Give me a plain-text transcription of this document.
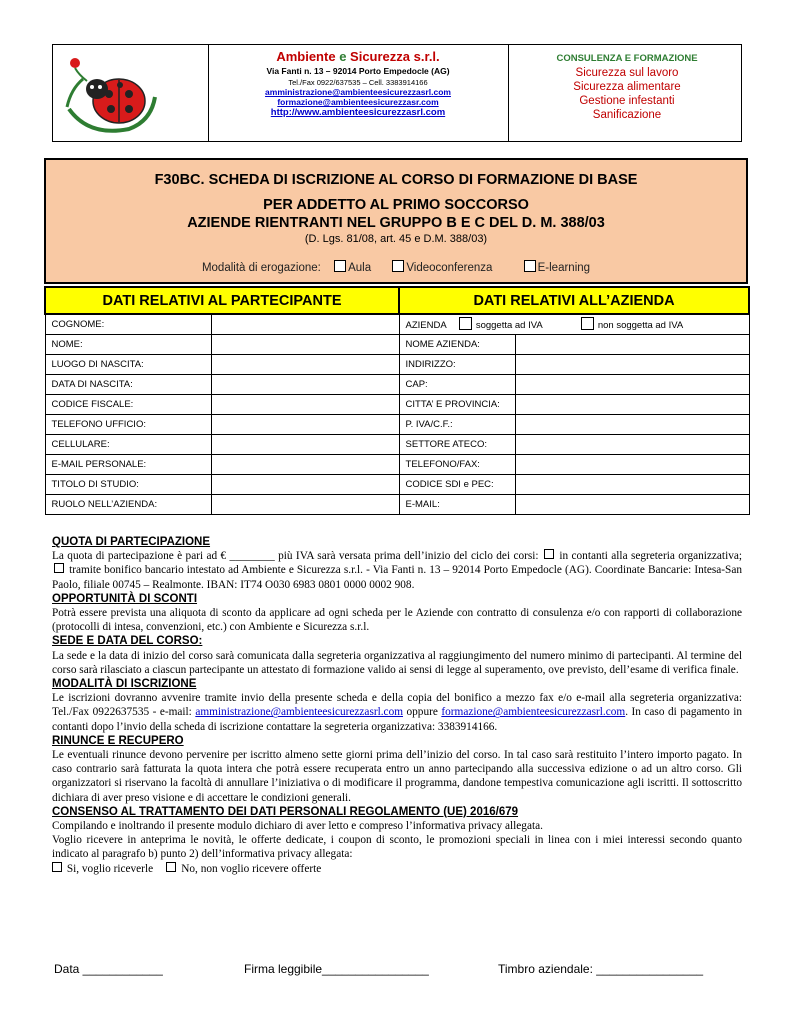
Ambiente e Sicurezza s.r.l.
Via Fanti n. 13 – 92014 Porto Empedocle (AG)
Tel./Fax 0922/637535 – Cell. 3383914166
amministrazione@ambienteesicurezzasrl.com
formazione@ambienteesicurezzasr.com
http://www.ambienteesicurezzasrl.com
CONSULENZA E FORMAZIONE
Sicurezza sul lavoro
Sicurezza alimentare
Gestione infestanti
Sanificazione
F30BC. SCHEDA DI ISCRIZIONE AL CORSO DI FORMAZIONE DI BASE
PER ADDETTO AL PRIMO SOCCORSO
AZIENDE RIENTRANTI NEL GRUPPO B E C DEL D. M. 388/03
(D. Lgs. 81/08, art. 45 e D.M. 388/03)
Modalità di erogazione: Aula	Videoconferenza	E-learning
DATI RELATIVI AL PARTECIPANTE		DATI RELATIVI ALL’AZIENDA	
COGNOME:		AZIENDA soggetta ad IVA non soggetta ad IVA	
NOME:		NOME AZIENDA:	
LUOGO DI NASCITA:		INDIRIZZO:	
DATA DI NASCITA:		CAP:	
CODICE FISCALE:		CITTA’ E PROVINCIA:	
TELEFONO UFFICIO:		P. IVA/C.F.:	
CELLULARE:		SETTORE ATECO:	
E-MAIL PERSONALE:		TELEFONO/FAX:	
TITOLO DI STUDIO:		CODICE SDI e PEC:	
RUOLO NELL’AZIENDA:		E-MAIL:	
QUOTA DI PARTECIPAZIONE

La quota di partecipazione è pari ad € ________ più IVA sarà versata prima dell’inizio del ciclo dei corsi: in contanti alla segreteria organizzativa;  tramite bonifico bancario intestato ad Ambiente e Sicurezza s.r.l. - Via Fanti n. 13 – 92014 Porto Empedocle (AG). Coordinate Bancarie: Intesa-San Paolo, filiale 00745 – Realmonte. IBAN: IT74 O030 6983 0801 0000 0002 908.

OPPORTUNITÀ DI SCONTI

Potrà essere prevista una aliquota di sconto da applicare ad ogni scheda per le Aziende con contratto di consulenza e/o con rapporti di collaborazione (protocolli di intesa, convenzioni, etc.) con Ambiente e Sicurezza s.r.l.

SEDE E DATA DEL CORSO:

La sede e la data di inizio del corso sarà comunicata dalla segreteria organizzativa al raggiungimento del numero minimo di partecipanti. Al termine del corso sarà rilasciato a ciascun partecipante un attestato di formazione valido ai sensi di legge al superamento, ove previsto, dell’esame di verifica finale.

MODALITÀ DI ISCRIZIONE

Le iscrizioni dovranno avvenire tramite invio della presente scheda e della copia del bonifico a mezzo fax e/o e-mail alla segreteria organizzativa: Tel./Fax 0922637535 - e-mail: amministrazione@ambienteesicurezzasrl.com oppure formazione@ambienteesicurezzasrl.com. In caso di pagamento in contanti dopo l’invio della scheda di iscrizione contattare la segreteria organizzativa: 3383914166.

RINUNCE E RECUPERO

Le eventuali rinunce devono pervenire per iscritto almeno sette giorni prima dell’inizio del corso. In tal caso sarà restituito l’intero importo pagato. In caso contrario sarà fatturata la quota intera che potrà essere recuperata entro un anno partecipando alla successiva edizione o ad un altro corso. Gli organizzatori si riservano la facoltà di annullare l’iniziativa o di modificare il programma, dandone tempestiva comunicazione agli iscritti. Il sottoscritto dichiara di aver preso visione e di accettare le condizioni generali.

CONSENSO AL TRATTAMENTO DEI DATI PERSONALI REGOLAMENTO (UE) 2016/679

Compilando e inoltrando il presente modulo dichiaro di aver letto e compreso l’informativa privacy allegata.

Voglio ricevere in anteprima le novità, le offerte dedicate, i coupon di sconto, le promozioni speciali in linea con i miei interessi secondo quanto indicato al paragrafo b) punto 2) dell’informativa privacy allegata:

Si, voglio riceverle No, non voglio ricevere offerte

Data ____________	Firma leggibile________________	Timbro aziendale: ________________
